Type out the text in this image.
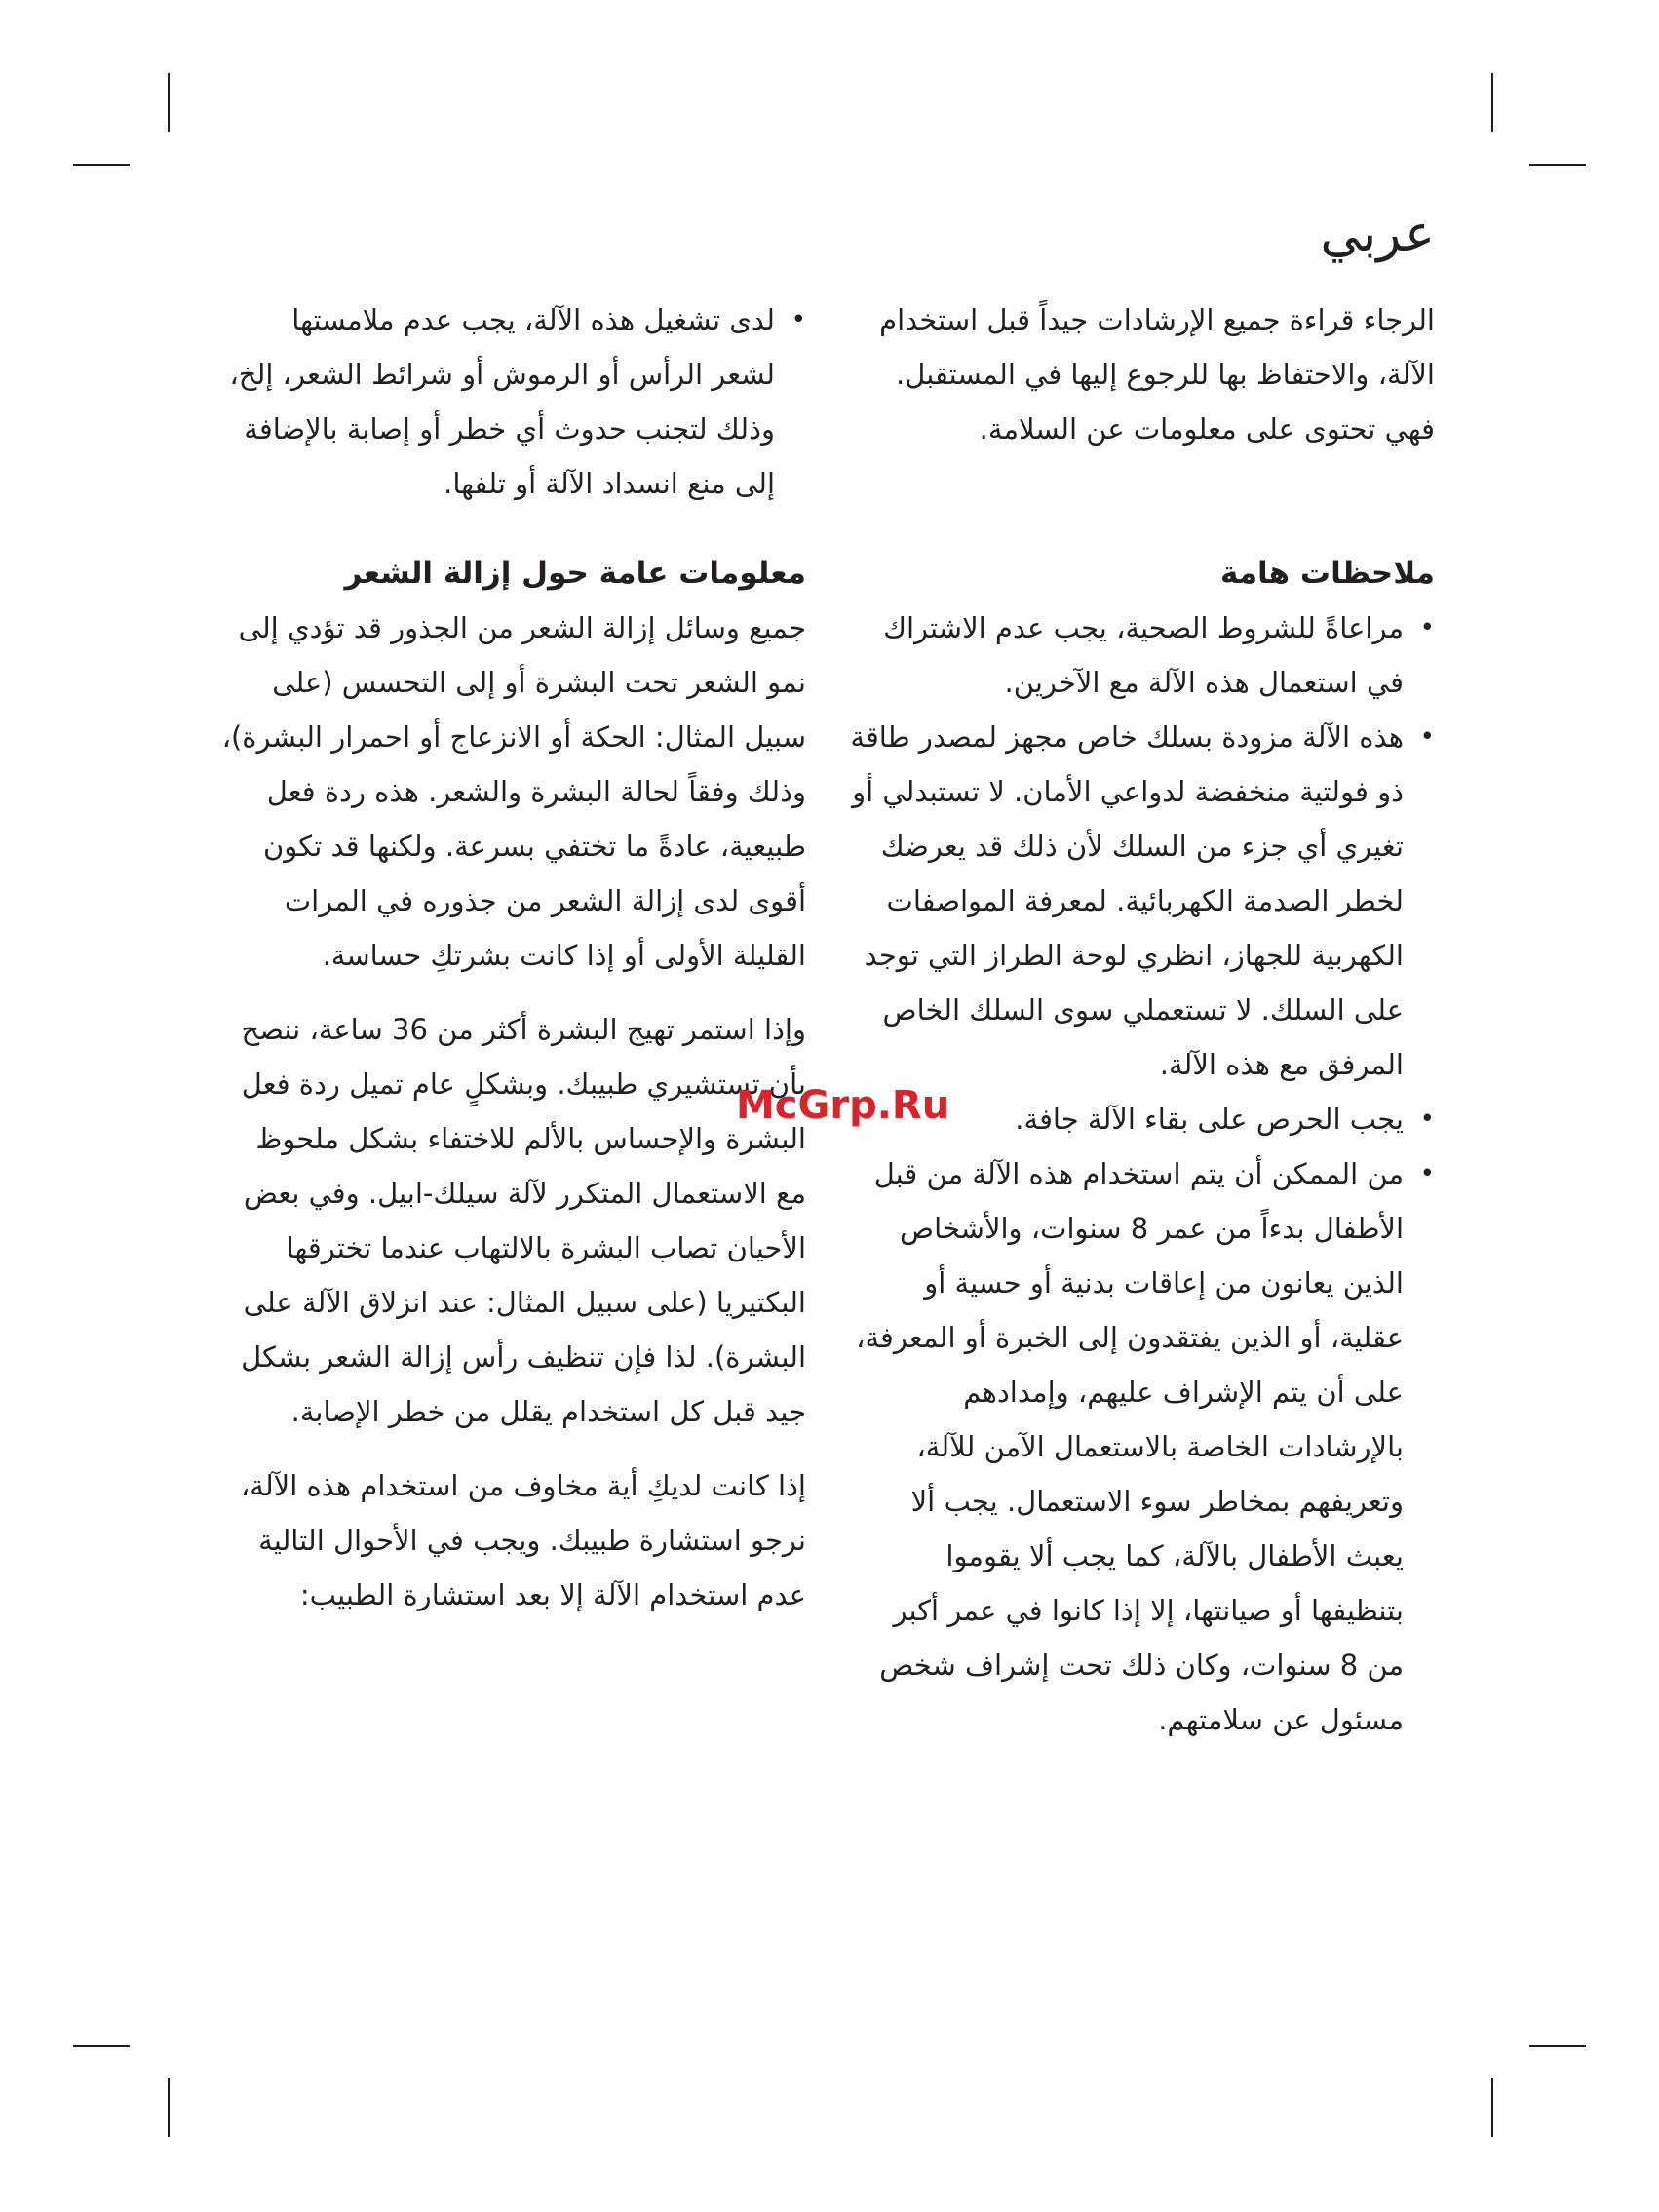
عربي

الرجاء قراءة جميع الإرشادات جيداً قبل استخدام الآلة، والاحتفاظ بها للرجوع إليها في المستقبل. فهي تحتوى على معلومات عن السلامة.

ملاحظات هامة
•
مراعاةً للشروط الصحية، يجب عدم الاشتراك في استعمال هذه الآلة مع الآخرين.
•
هذه الآلة مزودة بسلك خاص مجهز لمصدر طاقة ذو فولتية منخفضة لدواعي الأمان. لا تستبدلي أو تغيري أي جزء من السلك لأن ذلك قد يعرضك لخطر الصدمة الكهربائية. لمعرفة المواصفات الكهربية للجهاز، انظري لوحة الطراز التي توجد على السلك. لا تستعملي سوى السلك الخاص المرفق مع هذه الآلة.
•
يجب الحرص على بقاء الآلة جافة.
•
من الممكن أن يتم استخدام هذه الآلة من قبل الأطفال بدءاً من عمر 8 سنوات، والأشخاص الذين يعانون من إعاقات بدنية أو حسية أو عقلية، أو الذين يفتقدون إلى الخبرة أو المعرفة، على أن يتم الإشراف عليهم، وإمدادهم بالإرشادات الخاصة بالاستعمال الآمن للآلة، وتعريفهم بمخاطر سوء الاستعمال. يجب ألا يعبث الأطفال بالآلة، كما يجب ألا يقوموا بتنظيفها أو صيانتها، إلا إذا كانوا في عمر أكبر من 8 سنوات، وكان ذلك تحت إشراف شخص مسئول عن سلامتهم.
•
لدى تشغيل هذه الآلة، يجب عدم ملامستها لشعر الرأس أو الرموش أو شرائط الشعر، إلخ، وذلك لتجنب حدوث أي خطر أو إصابة بالإضافة إلى منع انسداد الآلة أو تلفها.
معلومات عامة حول إزالة الشعر

جميع وسائل إزالة الشعر من الجذور قد تؤدي إلى نمو الشعر تحت البشرة أو إلى التحسس (على سبيل المثال: الحكة أو الانزعاج أو احمرار البشرة)، وذلك وفقاً لحالة البشرة والشعر. هذه ردة فعل طبيعية، عادةً ما تختفي بسرعة. ولكنها قد تكون أقوى لدى إزالة الشعر من جذوره في المرات القليلة الأولى أو إذا كانت بشرتكِ حساسة.

وإذا استمر تهيج البشرة أكثر من 36 ساعة، ننصح بأن تستشيري طبيبك. وبشكلٍ عام تميل ردة فعل البشرة والإحساس بالألم للاختفاء بشكل ملحوظ مع الاستعمال المتكرر لآلة سيلك-ابيل. وفي بعض الأحيان تصاب البشرة بالالتهاب عندما تخترقها البكتيريا (على سبيل المثال: عند انزلاق الآلة على البشرة). لذا فإن تنظيف رأس إزالة الشعر بشكل جيد قبل كل استخدام يقلل من خطر الإصابة.

إذا كانت لديكِ أية مخاوف من استخدام هذه الآلة، نرجو استشارة طبيبك. ويجب في الأحوال التالية عدم استخدام الآلة إلا بعد استشارة الطبيب:

McGrp.Ru
